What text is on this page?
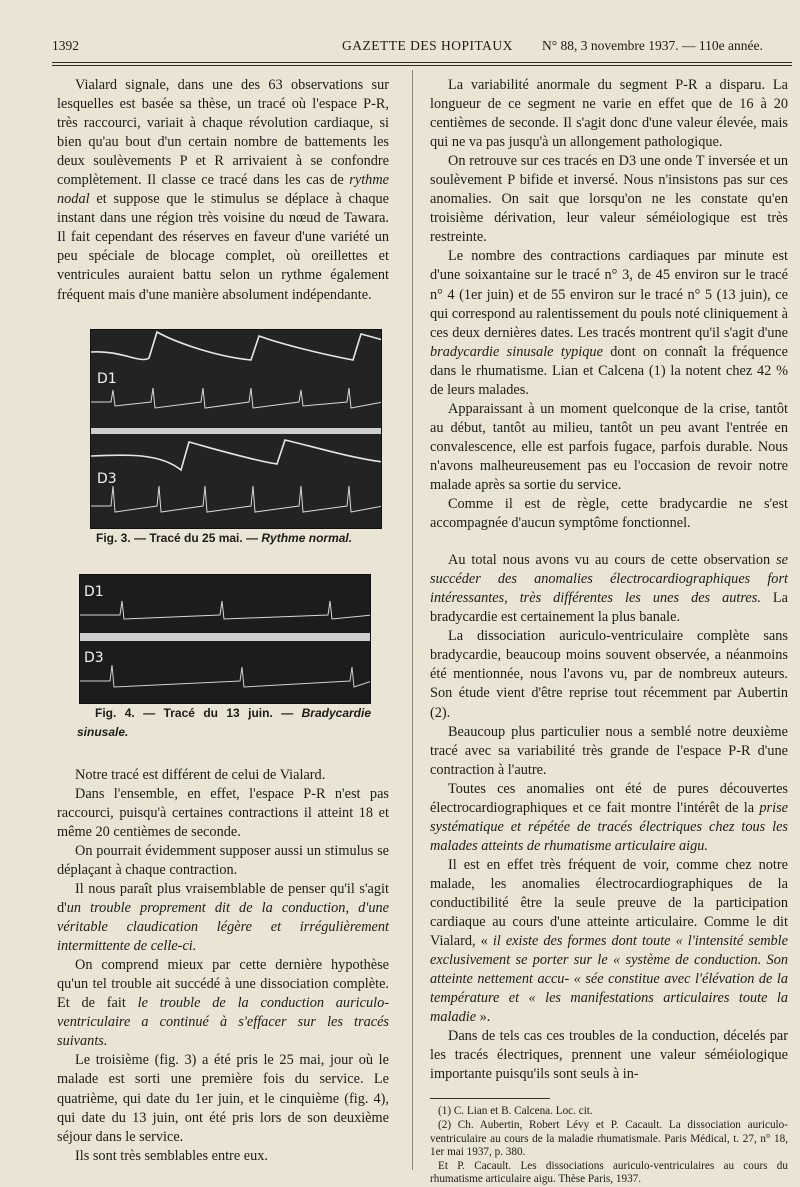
1392	GAZETTE DES HOPITAUX N° 88, 3 novembre 1937. — 110e année.

Vialard signale, dans une des 63 observations sur lesquelles est basée sa thèse, un tracé où l'espace P-R, très raccourci, variait à chaque révolution cardiaque, si bien qu'au bout d'un certain nombre de battements les deux soulèvements P et R arrivaient à se confondre complètement. Il classe ce tracé dans les cas de rythme nodal et suppose que le stimulus se déplace à chaque instant dans une région très voisine du nœud de Tawara. Il fait cependant des réserves en faveur d'une variété un peu spéciale de blocage complet, où oreillettes et ventricules auraient battu selon un rythme également fréquent mais d'une manière absolument indépendante.

D1
D3

Fig. 3. — Tracé du 25 mai. — Rythme normal.

D1
D3

Fig. 4. — Tracé du 13 juin. — Bradycardie sinusale.

Notre tracé est différent de celui de Vialard.

Dans l'ensemble, en effet, l'espace P-R n'est pas raccourci, puisqu'à certaines contractions il atteint 18 et même 20 centièmes de seconde.

On pourrait évidemment supposer aussi un stimulus se déplaçant à chaque contraction.

Il nous paraît plus vraisemblable de penser qu'il s'agit d'un trouble proprement dit de la conduction, d'une véritable claudication légère et irrégulièrement intermittente de celle-ci.

On comprend mieux par cette dernière hypothèse qu'un tel trouble ait succédé à une dissociation complète. Et de fait le trouble de la conduction auriculo-ventriculaire a continué à s'effacer sur les tracés suivants.

Le troisième (fig. 3) a été pris le 25 mai, jour où le malade est sorti une première fois du service. Le quatrième, qui date du 1er juin, et le cinquième (fig. 4), qui date du 13 juin, ont été pris lors de son deuxième séjour dans le service.

Ils sont très semblables entre eux.

La variabilité anormale du segment P-R a disparu. La longueur de ce segment ne varie en effet que de 16 à 20 centièmes de seconde. Il s'agit donc d'une valeur élevée, mais qui ne va pas jusqu'à un allongement pathologique.

On retrouve sur ces tracés en D3 une onde T inversée et un soulèvement P bifide et inversé. Nous n'insistons pas sur ces anomalies. On sait que lorsqu'on ne les constate qu'en troisième dérivation, leur valeur séméiologique est très restreinte.

Le nombre des contractions cardiaques par minute est d'une soixantaine sur le tracé n° 3, de 45 environ sur le tracé n° 4 (1er juin) et de 55 environ sur le tracé n° 5 (13 juin), ce qui correspond au ralentissement du pouls noté cliniquement à ces deux dernières dates. Les tracés montrent qu'il s'agit d'une bradycardie sinusale typique dont on connaît la fréquence dans le rhumatisme. Lian et Calcena (1) la notent chez 42 % de leurs malades.

Apparaissant à un moment quelconque de la crise, tantôt au début, tantôt au milieu, tantôt un peu avant l'entrée en convalescence, elle est parfois fugace, parfois durable. Nous n'avons malheureusement pas eu l'occasion de revoir notre malade après sa sortie du service.

Comme il est de règle, cette bradycardie ne s'est accompagnée d'aucun symptôme fonctionnel.

Au total nous avons vu au cours de cette observation se succéder des anomalies électrocardiographiques fort intéressantes, très différentes les unes des autres. La bradycardie est certainement la plus banale.

La dissociation auriculo-ventriculaire complète sans bradycardie, beaucoup moins souvent observée, a néanmoins été mentionnée, nous l'avons vu, par de nombreux auteurs. Son étude vient d'être reprise tout récemment par Aubertin (2).

Beaucoup plus particulier nous a semblé notre deuxième tracé avec sa variabilité très grande de l'espace P-R d'une contraction à l'autre.

Toutes ces anomalies ont été de pures découvertes électrocardiographiques et ce fait montre l'intérêt de la prise systématique et répétée de tracés électriques chez tous les malades atteints de rhumatisme articulaire aigu.

Il est en effet très fréquent de voir, comme chez notre malade, les anomalies électrocardiographiques de la conductibilité être la seule preuve de la participation cardiaque au cours d'une atteinte articulaire. Comme le dit Vialard, « il existe des formes dont toute « l'intensité semble exclusivement se porter sur le « système de conduction. Son atteinte nettement accu- « sée constitue avec l'élévation de la température et « les manifestations articulaires toute la maladie ».

Dans de tels cas ces troubles de la conduction, décelés par les tracés électriques, prennent une valeur séméiologique importante puisqu'ils sont seuls à in-

(1) C. Lian et B. Calcena. Loc. cit.

(2) Ch. Aubertin, Robert Lévy et P. Cacault. La dissociation auriculo-ventriculaire au cours de la maladie rhumatismale. Paris Médical, t. 27, n° 18, 1er mai 1937, p. 380.

Et P. Cacault. Les dissociations auriculo-ventriculaires au cours du rhumatisme articulaire aigu. Thèse Paris, 1937.
